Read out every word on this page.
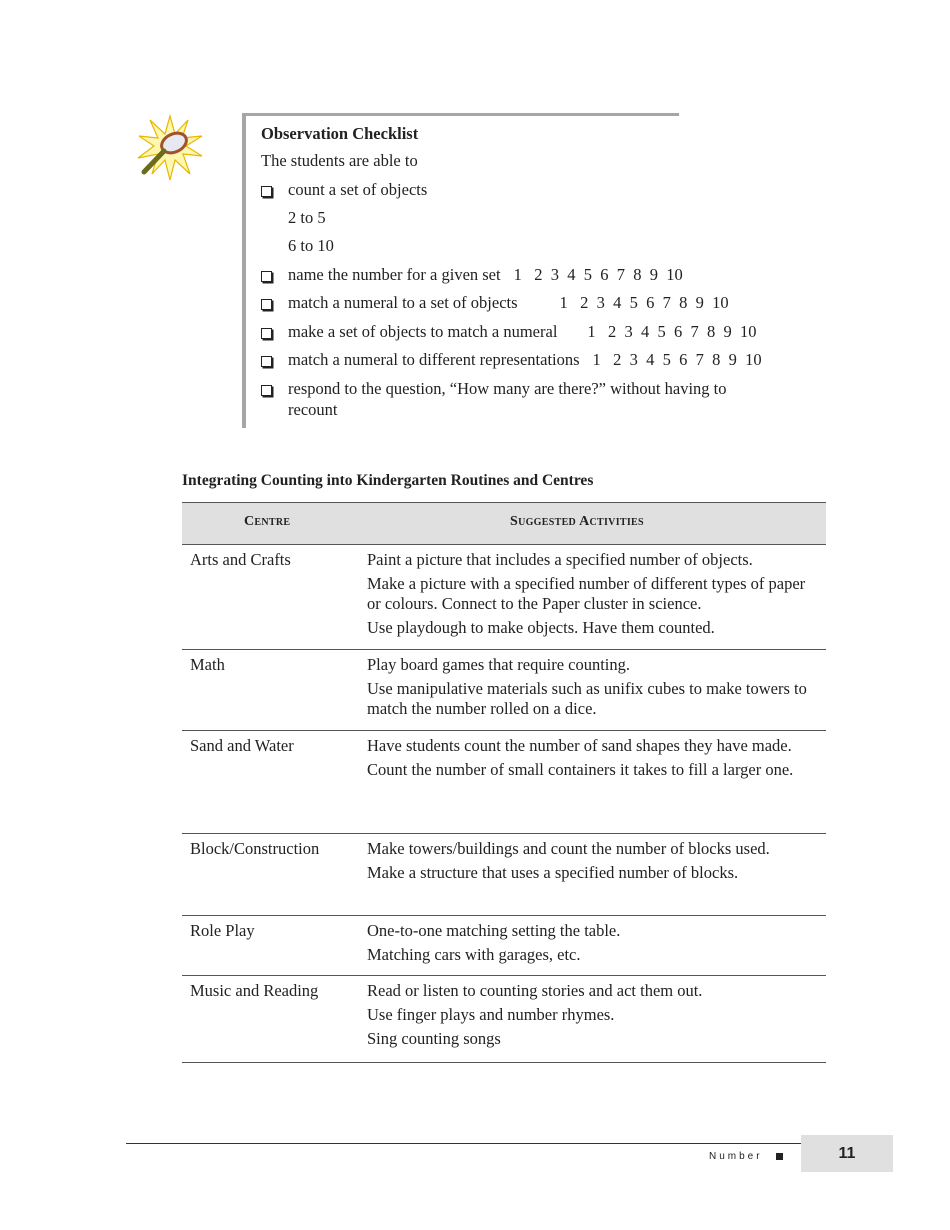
Observation Checklist
The students are able to
count a set of objects
2 to 5
6 to 10
name the number for a given set 1   2  3  4  5  6  7  8  9  10
match a numeral to a set of objects	1   2  3  4  5  6  7  8  9  10
make a set of objects to match a numeral 1   2  3  4  5  6  7  8  9  10
match a numeral to different representations 1   2  3  4  5  6  7  8  9  10
respond to the question, “How many are there?” without having to
recount
Integrating Counting into Kindergarten Routines and Centres
Centre	Suggested Activities
Arts and Crafts	Paint a picture that includes a specified number of objects.
Make a picture with a specified number of different types of paper or colours. Connect to the Paper cluster in science.
Use playdough to make objects. Have them counted.
Math	Play board games that require counting.
Use manipulative materials such as unifix cubes to make towers to match the number rolled on a dice.
Sand and Water	Have students count the number of sand shapes they have made.
Count the number of small containers it takes to fill a larger one.
Block/Construction	Make towers/buildings and count the number of blocks used.
Make a structure that uses a specified number of blocks.
Role Play	One-to-one matching setting the table.
Matching cars with garages, etc.
Music and Reading	Read or listen to counting stories and act them out.
Use finger plays and number rhymes.
Sing counting songs
Number	11
